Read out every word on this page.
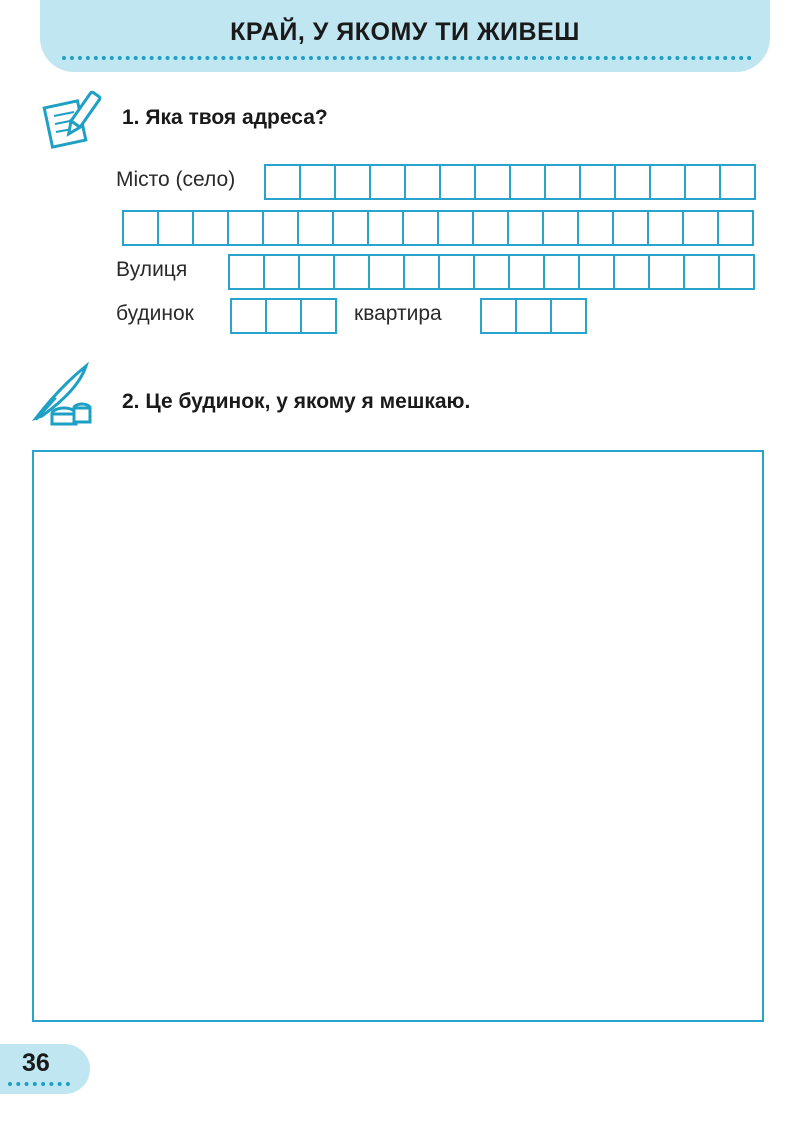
КРАЙ, У ЯКОМУ ТИ ЖИВЕШ
1. Яка твоя адреса?
Місто (село)
Вулиця
будинок	квартира
2. Це будинок, у якому я мешкаю.
36
